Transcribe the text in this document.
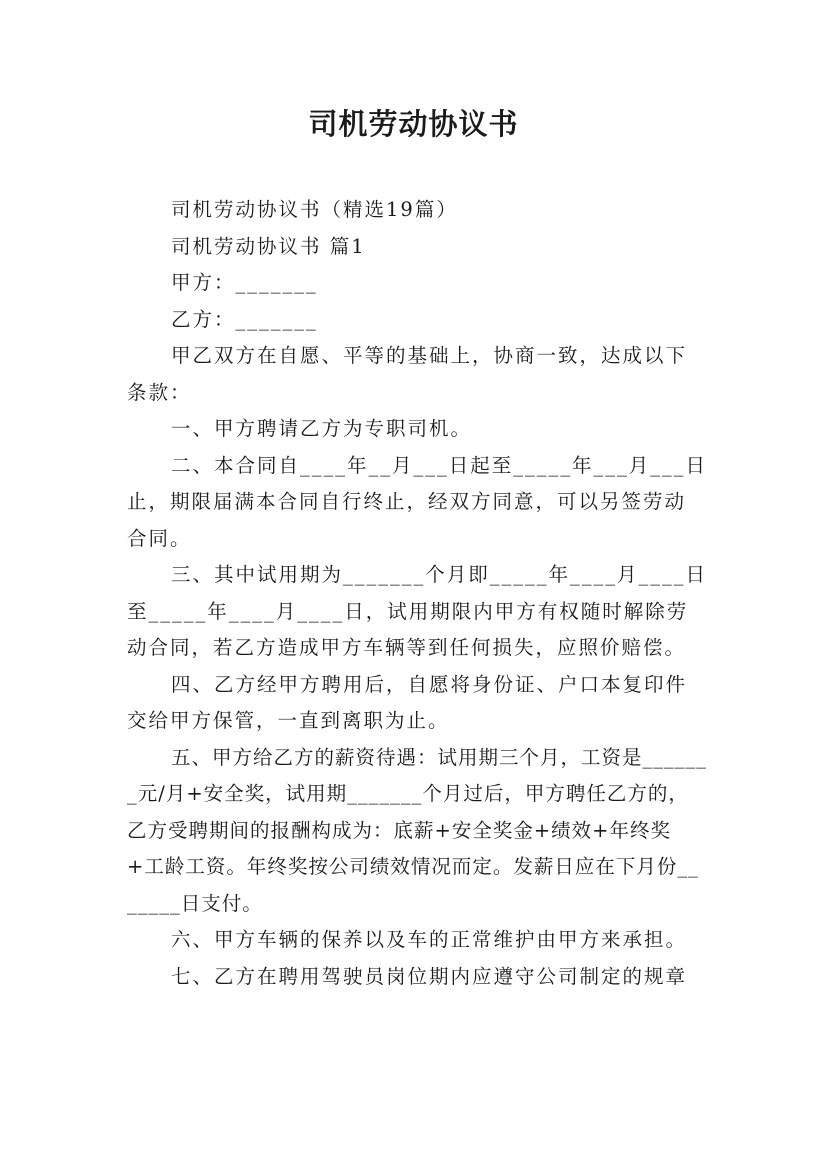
司机劳动协议书

司机劳动协议书（精选19篇）

司机劳动协议书 篇1

甲方：_______

乙方：_______

甲乙双方在自愿、平等的基础上，协商一致，达成以下条款：

一、甲方聘请乙方为专职司机。

二、本合同自____年__月___日起至_____年___月___日止，期限届满本合同自行终止，经双方同意，可以另签劳动合同。

三、其中试用期为_______个月即_____年____月____日至_____年____月____日，试用期限内甲方有权随时解除劳动合同，若乙方造成甲方车辆等到任何损失，应照价赔偿。

四、乙方经甲方聘用后，自愿将身份证、户口本复印件交给甲方保管，一直到离职为止。

五、甲方给乙方的薪资待遇：试用期三个月，工资是_______元/月+安全奖，试用期_______个月过后，甲方聘任乙方的，乙方受聘期间的报酬构成为：底薪+安全奖金+绩效+年终奖+工龄工资。年终奖按公司绩效情况而定。发薪日应在下月份_______日支付。

六、甲方车辆的保养以及车的正常维护由甲方来承担。

七、乙方在聘用驾驶员岗位期内应遵守公司制定的规章
